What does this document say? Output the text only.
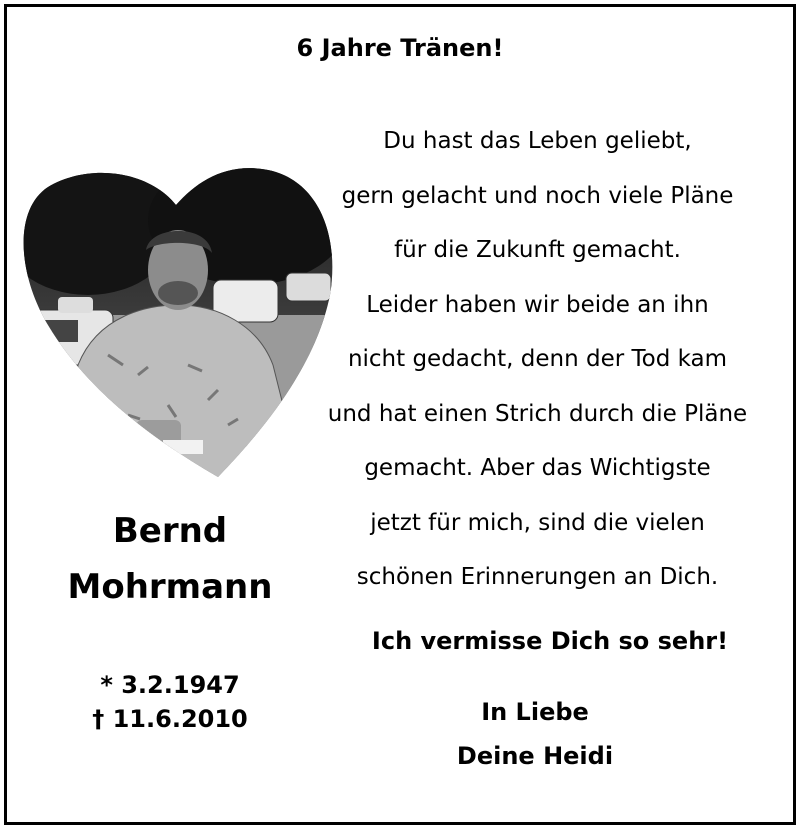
6 Jahre Tränen!
Du hast das Leben geliebt,
gern gelacht und noch viele Pläne
für die Zukunft gemacht.
Leider haben wir beide an ihn
nicht gedacht, denn der Tod kam
und hat einen Strich durch die Pläne
gemacht. Aber das Wichtigste
jetzt für mich, sind die vielen
schönen Erinnerungen an Dich.
Bernd
Mohrmann
* 3.2.1947
† 11.6.2010
Ich vermisse Dich so sehr!
In Liebe
Deine Heidi
